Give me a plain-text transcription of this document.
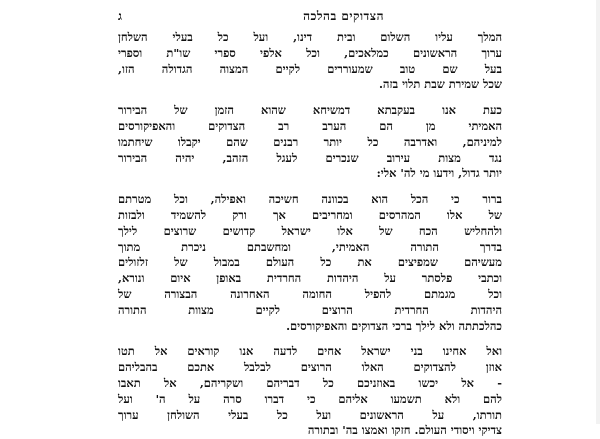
הצדוקים בהלכה
ג
המלך עליו השלום ובית דינו, ועל כל בעלי השלחן
ערוך הראשונים כמלאכים, וכל אלפי ספרי שו"ת וספרי
בעל שם טוב שמעוררים לקיים המצוה הגדולה הזו,
שכל שמירת שבת תלוי בזה.
כעת אנו בעקבתא דמשיחא שהוא הזמן של הבירור
האמיתי מן הם הערב רב הצדוקים והאפיקורסים
למיניהם, ואדרבה כל יותר רבנים שהם יקבלו שיחתמו
נגד מצות עירוב שנכרים לעגל הזהב, יהיה הבירור
יותר גדול, וידעו מי לה' אלי:
ברור כי הכל הוא בכוונה חשיכה ואפילה, וכל מטרתם
של אלו המהרסים ומחריבים אך ורק להשמיד ולבזות
ולהחליש הכח של אלו ישראל קדושים שרוצים לילך
בדרך התורה האמיתי, ומחשבתם ניכרת מתוך
מעשיהם שמפיצים את כל העולם במבול של זלזולים
וכתבי פלסתר על היהדות החרדית באופן איום ונורא,
וכל מגמתם להפיל החומה האחרונה הבצורה של
היהדות החרדית הרוצים לקיים מצוות התורה
כהלכתתה ולא לילך ברכי הצדוקים והאפיקורסים.
ואל אחינו בני ישראל אחים לדעה אנו קוראים אל תטו
אוזן להצדוקים האלו הרוצים לבלבל אתכם בהבליהם
- אל יכשו באוזניכם כל דבריהם ושקריהם, אל תאבו
להם ולא תשמעו אליהם כי דברו סרה על ה' ועל
תורתו, על הראשונים ועל כל בעלי השולחן ערוך
צדיקי ויסודי העולם. חזקו ואמצו בה' ובתורה
